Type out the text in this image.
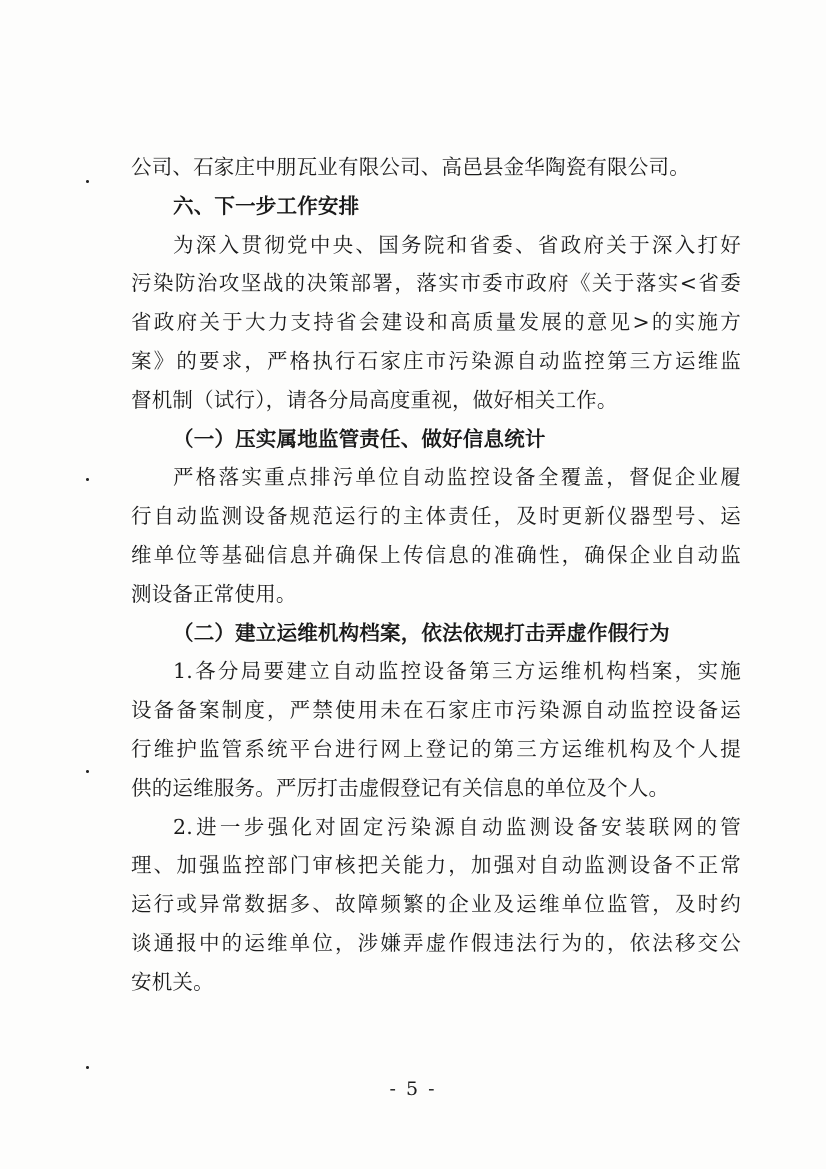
公司、石家庄中朋瓦业有限公司、高邑县金华陶瓷有限公司。
六、下一步工作安排
为深入贯彻党中央、国务院和省委、省政府关于深入打好
污染防治攻坚战的决策部署，落实市委市政府《关于落实<省委
省政府关于大力支持省会建设和高质量发展的意见>的实施方
案》的要求，严格执行石家庄市污染源自动监控第三方运维监
督机制（试行），请各分局高度重视，做好相关工作。
（一）压实属地监管责任、做好信息统计
严格落实重点排污单位自动监控设备全覆盖，督促企业履
行自动监测设备规范运行的主体责任，及时更新仪器型号、运
维单位等基础信息并确保上传信息的准确性，确保企业自动监
测设备正常使用。
（二）建立运维机构档案，依法依规打击弄虚作假行为
1.各分局要建立自动监控设备第三方运维机构档案，实施
设备备案制度，严禁使用未在石家庄市污染源自动监控设备运
行维护监管系统平台进行网上登记的第三方运维机构及个人提
供的运维服务。严厉打击虚假登记有关信息的单位及个人。
2.进一步强化对固定污染源自动监测设备安装联网的管
理、加强监控部门审核把关能力，加强对自动监测设备不正常
运行或异常数据多、故障频繁的企业及运维单位监管，及时约
谈通报中的运维单位，涉嫌弄虚作假违法行为的，依法移交公
安机关。
- 5 -
